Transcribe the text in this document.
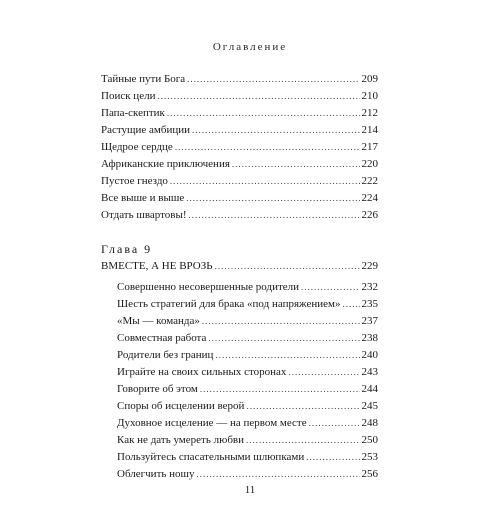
Оглавление
Тайные пути Бога .....	209
Поиск цели .....	210
Папа-скептик .....	212
Растущие амбиции .....	214
Щедрое сердце .....	217
Африканские приключения .....	220
Пустое гнездо .....	222
Все выше и выше .....	224
Отдать швартовы! .....	226
Глава 9
ВМЕСТЕ, А НЕ ВРОЗЬ .....	229
Совершенно несовершенные родители .....	232
Шесть стратегий для брака «под напряжением» ..... 235
«Мы — команда» .....	237
Совместная работа .....	238
Родители без границ .....	240
Играйте на своих сильных сторонах .....	243
Говорите об этом .....	244
Споры об исцелении верой .....	245
Духовное исцеление — на первом месте .....	248
Как не дать умереть любви .....	250
Пользуйтесь спасательными шлюпками .....	253
Облегчить ношу .....	256
11
